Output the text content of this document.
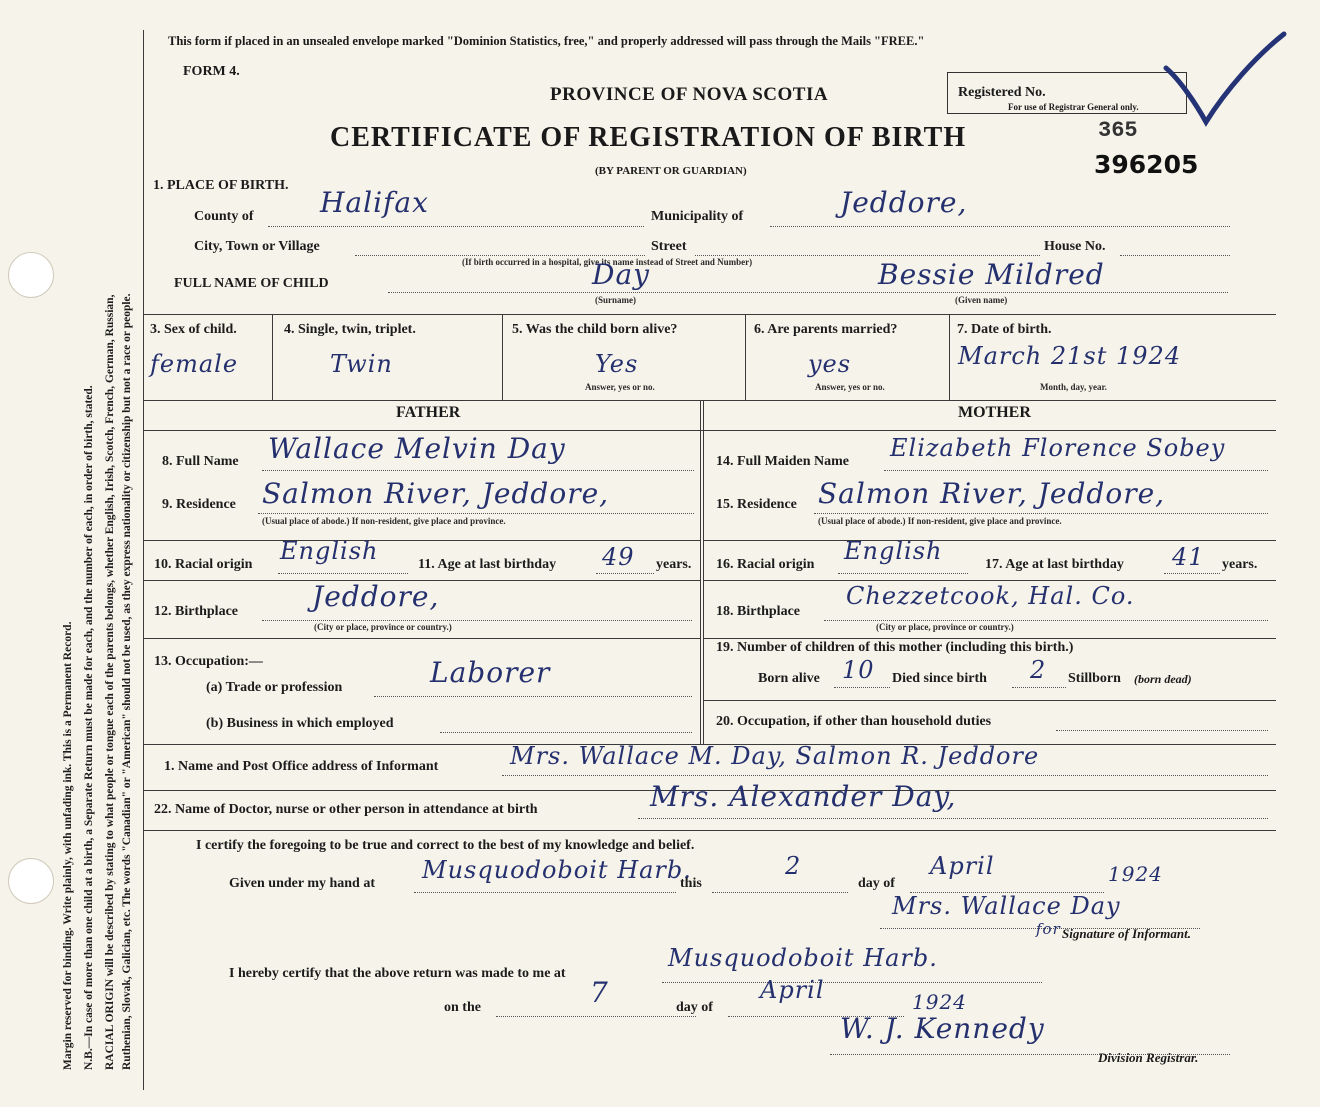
Margin reserved for binding. Write plainly, with unfading ink. This is a Permanent Record. N.B.—In case of more than one child at a birth, a Separate Return must be made for each, and the number of each, in order of birth, stated. RACIAL ORIGIN will be described by stating to what people or tongue each of the parents belongs, whether English, Irish, Scotch, French, German, Russian, Ruthenian, Slovak, Galician, etc. The words "Canadian" or "American" should not be used, as they express nationality or citizenship but not a race or people.
This form if placed in an unsealed envelope marked "Dominion Statistics, free," and properly addressed will pass through the Mails "FREE."
FORM 4.
PROVINCE OF NOVA SCOTIA
CERTIFICATE OF REGISTRATION OF BIRTH
(BY PARENT OR GUARDIAN)
Registered No.
For use of Registrar General only.
365
396205
1. PLACE OF BIRTH.
County of Halifax	Municipality of	Jeddore,
City, Town or Village	Street	House No.
(If birth occurred in a hospital, give its name instead of Street and Number)
FULL NAME OF CHILD	Day
(Surname)
Bessie Mildred
(Given name)
3. Sex of child.
female
4. Single, twin, triplet.
Twin
5. Was the child born alive?
Yes
Answer, yes or no.
6. Are parents married?
yes
Answer, yes or no.
7. Date of birth.
March 21st 1924
Month, day, year.
FATHER	MOTHER
8. Full Name Wallace Melvin Day
9. Residence Salmon River, Jeddore,
(Usual place of abode.) If non-resident, give place and province.
10. Racial origin English	11. Age at last birthday 49 years.
12. Birthplace	Jeddore,
(City or place, province or country.)
13. Occupation:—
(a) Trade or profession	Laborer
(b) Business in which employed
14. Full Maiden Name Elizabeth Florence Sobey
15. Residence Salmon River, Jeddore,
(Usual place of abode.) If non-resident, give place and province.
16. Racial origin English	17. Age at last birthday 41 years.
18. Birthplace
Chezzetcook, Hal. Co.
(City or place, province or country.)
19. Number of children of this mother (including this birth.)
Born alive 10 Died since birth 2 Stillborn (born dead)
20. Occupation, if other than household duties
1. Name and Post Office address of Informant	Mrs. Wallace M. Day, Salmon R. Jeddore
22. Name of Doctor, nurse or other person in attendance at birth	Mrs. Alexander Day,
I certify the foregoing to be true and correct to the best of my knowledge and belief.
Given under my hand at Musquodoboit Harb.
this
2
day of
April	1924
Mrs. Wallace Day
for Signature of Informant.
I hereby certify that the above return was made to me at
Musquodoboit Harb.
on the	7	day of
April	1924
W. J. Kennedy
Division Registrar.
